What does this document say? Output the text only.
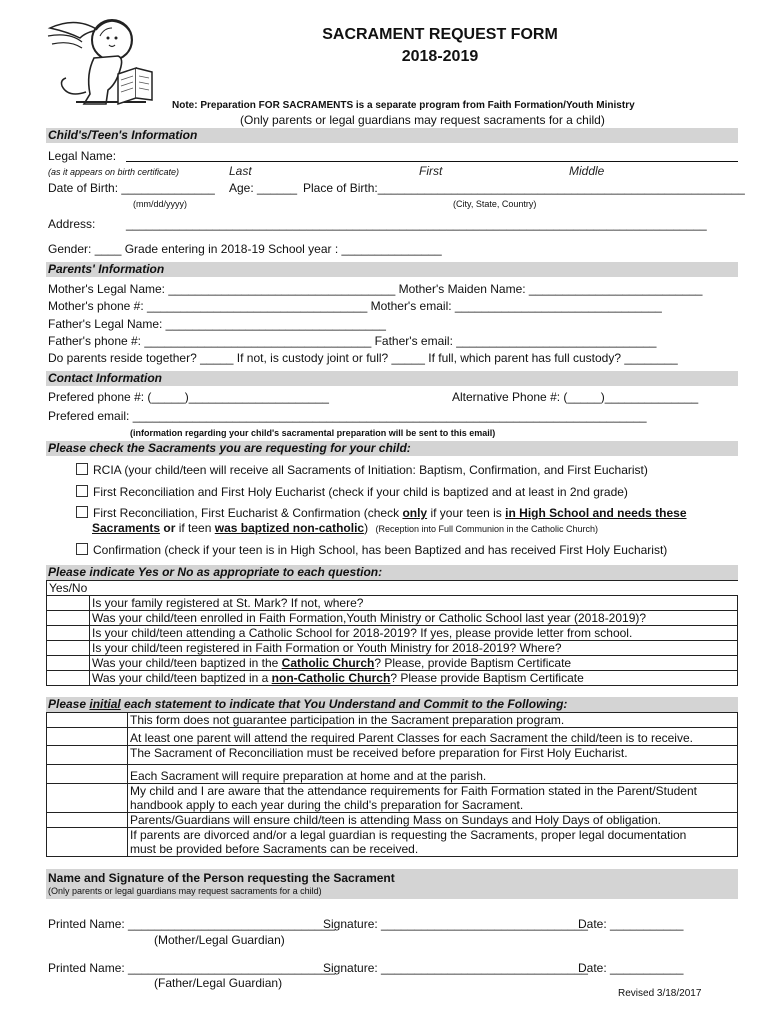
SACRAMENT REQUEST FORM
2018-2019
Note: Preparation FOR SACRAMENTS is a separate program from Faith Formation/Youth Ministry
(Only parents or legal guardians may request sacraments for a child)
Child's/Teen's Information
Legal Name:
(as it appears on birth certificate)	Last	First	Middle
Date of Birth: ______________ Age: ______ Place of Birth:_______________________________________________________
(mm/dd/yyyy)	(City, State, Country)
Address:	_______________________________________________________________________________________
Gender: ____ Grade entering in 2018-19 School year : _______________
Parents' Information
Mother's Legal Name: __________________________________ Mother's Maiden Name: __________________________
Mother's phone #: _________________________________ Mother's email: _______________________________
Father's Legal Name: _________________________________
Father's phone #: __________________________________ Father's email: ______________________________
Do parents reside together? _____ If not, is custody joint or full? _____ If full, which parent has full custody? ________
Contact Information
Prefered phone #: (_____)_____________________	Alternative Phone #: (_____)______________
Prefered email: _____________________________________________________________________________
(information regarding your child's sacramental preparation will be sent to this email)
Please check the Sacraments you are requesting for your child:
RCIA (your child/teen will receive all Sacraments of Initiation: Baptism, Confirmation, and First Eucharist)
First Reconciliation and First Holy Eucharist (check if your child is baptized and at least in 2nd grade)
First Reconciliation, First Eucharist & Confirmation (check only if your teen is in High School and needs these
Sacraments or if teen was baptized non-catholic) (Reception into Full Communion in the Catholic Church)
Confirmation (check if your teen is in High School, has been Baptized and has received First Holy Eucharist)
Please indicate Yes or No as appropriate to each question:
Yes/No	
	Is your family registered at St. Mark? If not, where?
	Was your child/teen enrolled in Faith Formation,Youth Ministry or Catholic School last year (2018-2019)?
	Is your child/teen attending a Catholic School for 2018-2019? If yes, please provide letter from school.
	Is your child/teen registered in Faith Formation or Youth Ministry for 2018-2019? Where?
	Was your child/teen baptized in the Catholic Church? Please, provide Baptism Certificate
	Was your child/teen baptized in a non-Catholic Church? Please provide Baptism Certificate
Please initial each statement to indicate that You Understand and Commit to the Following:
	This form does not guarantee participation in the Sacrament preparation program.
	At least one parent will attend the required Parent Classes for each Sacrament the child/teen is to receive.
	The Sacrament of Reconciliation must be received before preparation for First Holy Eucharist.
	Each Sacrament will require preparation at home and at the parish.

	My child and I are aware that the attendance requirements for Faith Formation stated in the Parent/Student
handbook apply to each year during the child's preparation for Sacrament.

	Parents/Guardians will ensure child/teen is attending Mass on Sundays and Holy Days of obligation.

	If parents are divorced and/or a legal guardian is requesting the Sacraments, proper legal documentation
must be provided before Sacraments can be received.
Name and Signature of the Person requesting the Sacrament
(Only parents or legal guardians may request sacraments for a child)
Printed Name: _______________________________
Signature: _______________________________
Date: ___________
(Mother/Legal Guardian)
Printed Name: _______________________________
Signature: _______________________________
Date: ___________
(Father/Legal Guardian)
Revised 3/18/2017
